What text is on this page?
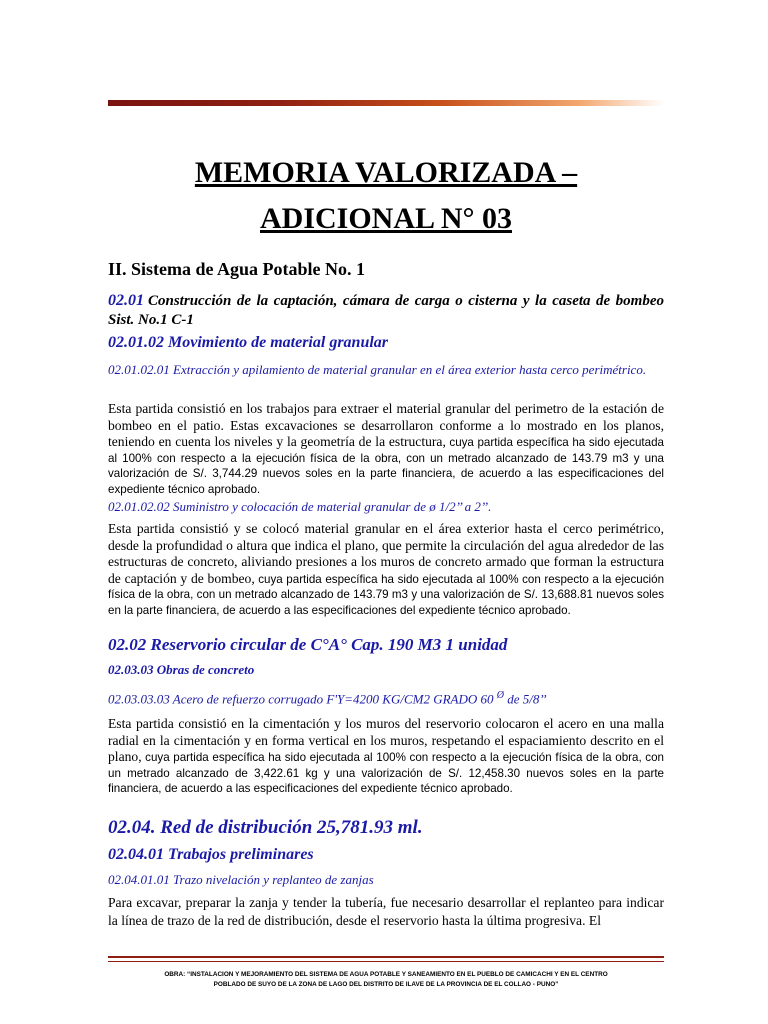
MEMORIA VALORIZADA – ADICIONAL N° 03
II. Sistema de Agua Potable No. 1
02.01 Construcción de la captación, cámara de carga o cisterna y la caseta de bombeo Sist. No.1 C-1
02.01.02 Movimiento de material granular
02.01.02.01 Extracción y apilamiento de material granular en el área exterior hasta cerco perimétrico.
Esta partida consistió en los trabajos para extraer el material granular del perimetro de la estación de bombeo en el patio. Estas excavaciones se desarrollaron conforme a lo mostrado en los planos, teniendo en cuenta los niveles y la geometría de la estructura, cuya partida específica ha sido ejecutada al 100% con respecto a la ejecución física de la obra, con un metrado alcanzado de 143.79 m3 y una valorización de S/. 3,744.29 nuevos soles en la parte financiera, de acuerdo a las especificaciones del expediente técnico aprobado.
02.01.02.02 Suministro y colocación de material granular de ø 1/2’’ a 2’’.
Esta partida consistió y se colocó material granular en el área exterior hasta el cerco perimétrico, desde la profundidad o altura que indica el plano, que permite la circulación del agua alrededor de las estructuras de concreto, aliviando presiones a los muros de concreto armado que forman la estructura de captación y de bombeo, cuya partida específica ha sido ejecutada al 100% con respecto a la ejecución física de la obra, con un metrado alcanzado de 143.79 m3 y una valorización de S/. 13,688.81 nuevos soles en la parte financiera, de acuerdo a las especificaciones del expediente técnico aprobado.
02.02 Reservorio circular de C°A° Cap. 190 M3 1 unidad
02.03.03 Obras de concreto
02.03.03.03 Acero de refuerzo corrugado F'Y=4200 KG/CM2 GRADO 60 $^Ø$ de 5/8’’
Esta partida consistió en la cimentación y los muros del reservorio colocaron el acero en una malla radial en la cimentación y en forma vertical en los muros, respetando el espaciamiento descrito en el plano, cuya partida específica ha sido ejecutada al 100% con respecto a la ejecución física de la obra, con un metrado alcanzado de 3,422.61 kg y una valorización de S/. 12,458.30 nuevos soles en la parte financiera, de acuerdo a las especificaciones del expediente técnico aprobado.
02.04. Red de distribución 25,781.93 ml.
02.04.01 Trabajos preliminares
02.04.01.01 Trazo nivelación y replanteo de zanjas
Para excavar, preparar la zanja y tender la tubería, fue necesario desarrollar el replanteo para indicar la línea de trazo de la red de distribución, desde el reservorio hasta la última progresiva. El
OBRA: “INSTALACION Y MEJORAMIENTO DEL SISTEMA DE AGUA POTABLE Y SANEAMIENTO EN EL PUEBLO DE CAMICACHI Y EN EL CENTRO
POBLADO DE SUYO DE LA ZONA DE LAGO DEL DISTRITO DE ILAVE DE LA PROVINCIA DE EL COLLAO - PUNO”
